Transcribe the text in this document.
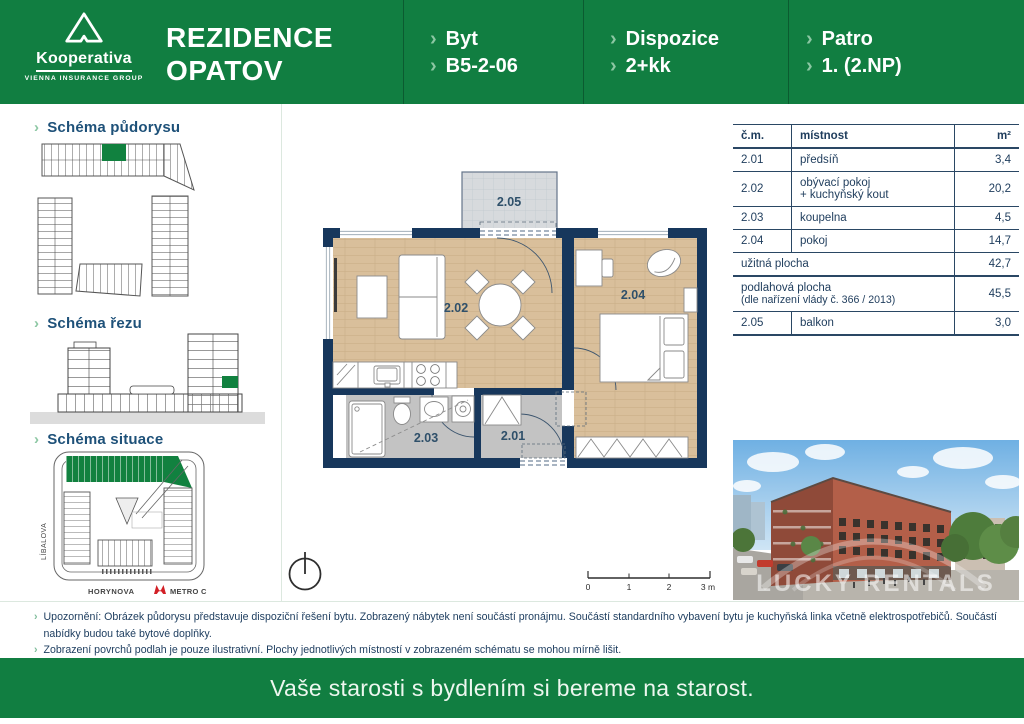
Kooperativa
VIENNA INSURANCE GROUP
REZIDENCE
OPATOV
› Byt
› B5-2-06
› Dispozice
› 2+kk
› Patro
› 1. (2.NP)
› Schéma půdorysu
› Schéma řezu
› Schéma situace
LÍBALOVA
HORYNOVA	METRO C
2.05
2.02
2.04
2.03	2.01
0	1	2	3 m
č.m.	místnost	m²
2.01	předsíň	3,4
2.02	obývací pokoj
+ kuchyňský kout	20,2
2.03	koupelna	4,5
2.04	pokoj	14,7
užitná plocha		42,7

podlahová plocha
(dle nařízení vlády č. 366 / 2013)		45,5
2.05	balkon	3,0
LUCKY RENTALS
› Upozornění: Obrázek půdorysu představuje dispoziční řešení bytu. Zobrazený nábytek není součástí pronájmu. Součástí standardního vybavení bytu je kuchyňská linka včetně elektrospotřebičů. Součástí nabídky budou také bytové doplňky.
› Zobrazení povrchů podlah je pouze ilustrativní. Plochy jednotlivých místností v zobrazeném schématu se mohou mírně lišit.
Vaše starosti s bydlením si bereme na starost.
